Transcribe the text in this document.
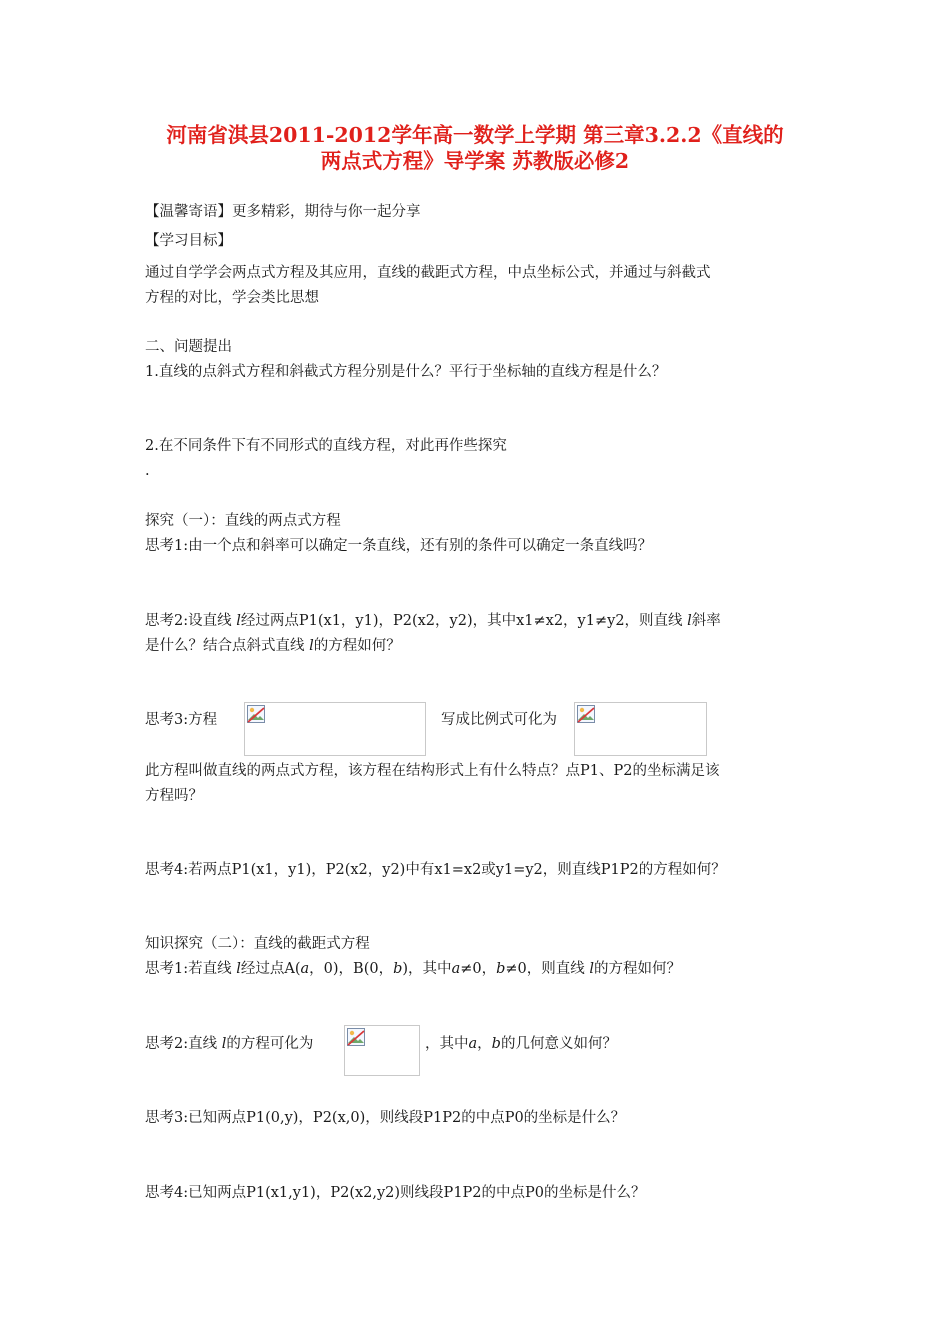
河南省淇县2011-2012学年高一数学上学期 第三章3.2.2《直线的
两点式方程》导学案 苏教版必修2
【温馨寄语】更多精彩，期待与你一起分享
【学习目标】
通过自学学会两点式方程及其应用，直线的截距式方程，中点坐标公式，并通过与斜截式
方程的对比，学会类比思想
二、问题提出
1.直线的点斜式方程和斜截式方程分别是什么？平行于坐标轴的直线方程是什么？
2.在不同条件下有不同形式的直线方程，对此再作些探究
.
探究（一）：直线的两点式方程
思考1:由一个点和斜率可以确定一条直线，还有别的条件可以确定一条直线吗？
思考2:设直线 l经过两点P1(x1，y1)，P2(x2，y2)，其中x1≠x2，y1≠y2，则直线 l斜率
是什么？结合点斜式直线 l的方程如何？
思考3:方程	写成比例式可化为
此方程叫做直线的两点式方程，该方程在结构形式上有什么特点？点P1、P2的坐标满足该
方程吗？
思考4:若两点P1(x1，y1)，P2(x2，y2)中有x1=x2或y1=y2，则直线P1P2的方程如何？
知识探究（二）：直线的截距式方程
思考1:若直线 l经过点A(a，0)，B(0，b)，其中a≠0，b≠0，则直线 l的方程如何？
思考2:直线 l的方程可化为	，其中a，b的几何意义如何？
思考3:已知两点P1(0,y)，P2(x,0)，则线段P1P2的中点P0的坐标是什么？
思考4:已知两点P1(x1,y1)，P2(x2,y2)则线段P1P2的中点P0的坐标是什么？
